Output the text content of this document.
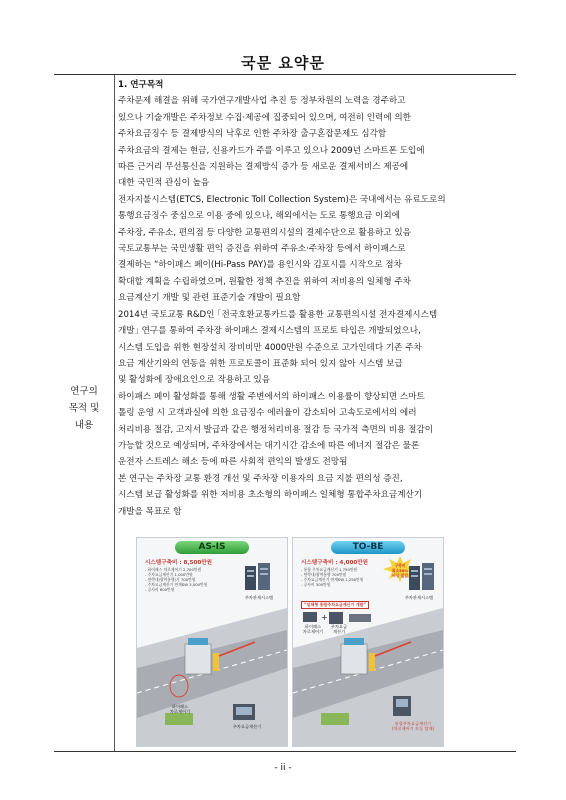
국문 요약문
연구의
목적 및
내용

1. 연구목적

주차문제 해결을 위해 국가연구개발사업 추진 등 정부차원의 노력을 경주하고

있으나 기술개발은 주차정보 수집·제공에 집중되어 있으며, 여전히 인력에 의한

주차요금징수 등 결제방식의 낙후로 인한 주차장 출구혼잡문제도 심각함

주차요금의 결제는 현금, 신용카드가 주를 이루고 있으나 2009년 스마트폰 도입에

따른 근거리 무선통신을 지원하는 결제방식 증가 등 새로운 결제서비스 제공에

대한 국민적 관심이 높음

전자지불시스템(ETCS, Electronic Toll Collection System)은 국내에서는 유료도로의

통행요금징수 중심으로 이용 중에 있으나, 해외에서는 도로 통행요금 이외에

주차장, 주유소, 편의점 등 다양한 교통편의시설의 결제수단으로 활용하고 있음

국토교통부는 국민생활 편익 증진을 위하여 주유소·주차장 등에서 하이패스로

결제하는 “하이패스 페이(Hi-Pass PAY)를 용인시와 김포시를 시작으로 점차

확대할 계획을 수립하였으며, 원활한 정책 추진을 위하여 저비용의 일체형 주차

요금계산기 개발 및 관련 표준기술 개발이 필요함

2014년 국토교통 R&D인 ｢전국호환교통카드를 활용한 교통편의시설 전자결제시스템

개발｣ 연구를 통하여 주차장 하이패스 결제시스템의 프로토 타입은 개발되었으나,

시스템 도입을 위한 현장설치 장비비만 4000만원 수준으로 고가인데다 기존 주차

요금 계산기와의 연동을 위한 프로토콜이 표준화 되어 있지 않아 시스템 보급

및 활성화에 장애요인으로 작용하고 있음

하이패스 페이 활성화를 통해 생활 주변에서의 하이패스 이용률이 향상되면 스마트

톨링 운영 시 고객과실에 의한 요금징수 에러율이 감소되어 고속도로에서의 에러

처리비용 절감, 고지서 발급과 같은 행정처리비용 절감 등 국가적 측면의 비용 절감이

가능할 것으로 예상되며, 주차장에서는 대기시간 감소에 따른 에너지 절감은 물론

운전자 스트레스 해소 등에 따른 사회적 편익의 발생도 전망됨

본 연구는 주차장 교통 환경 개선 및 주차장 이용자의 요금 지불 편의성 증진,

시스템 보급 활성화를 위한 저비용 초소형의 하이패스 일체형 통합주차요금계산기

개발을 목표로 함

AS-IS
시스템구축비 : 8,500만원
- 하이패스 차로제어기 2,700만원
- 주차요금계산기 1,000만원
- 연략내/광역통행(기 700만원
- 주차요금계산기 연계SW 3,500만원
- 공사비 600만원
주차관제시스템
하이패스
차로제어기
주차요금계산기
TO-BE
시스템구축비 : 4,000만원
- 통합 주차요금계산기 1,750만원
- 연략내/광역통행 700만원
- 주차요금계산기 연계SW 1,250만원
- 공사비 300만원
구축비
최소50%
이상 절감
주차관제시스템
“일체형 통합주차요금계산기 개발”
+
하이패스
차로제어기
주차요금
계산기
통합주차요금계산기
(차로제어기 모듈 탑재)
- ii -
